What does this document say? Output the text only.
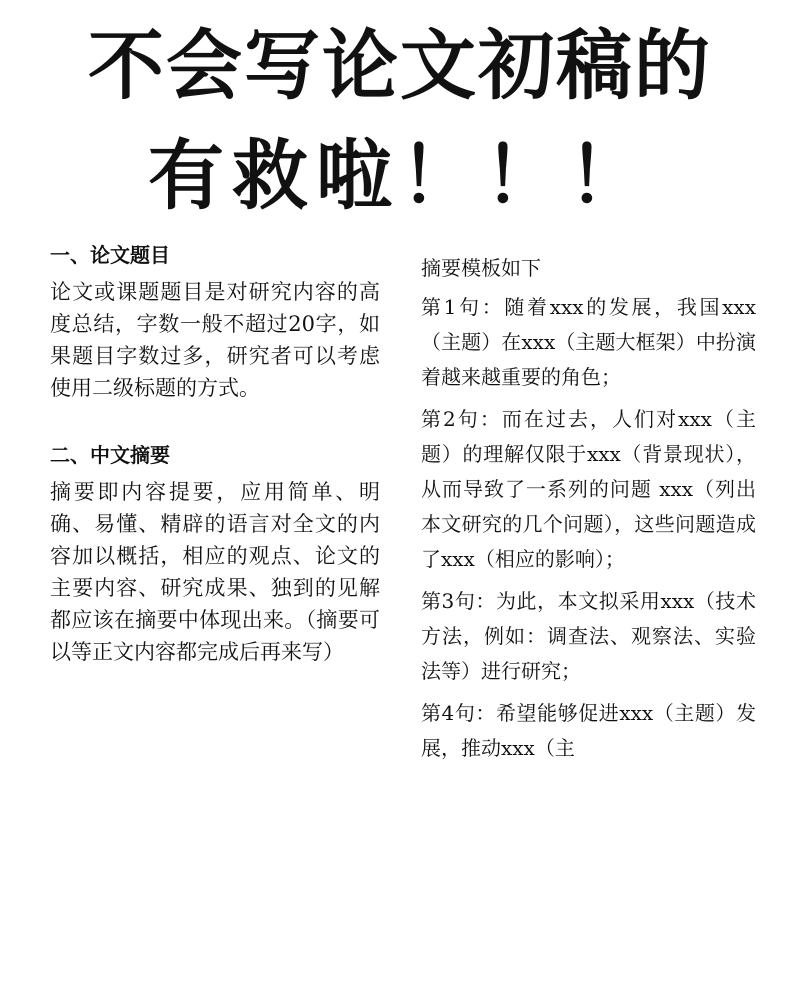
不会写论文初稿的
有救啦！！！
一、论文题目

论文或课题题目是对研究内容的高度总结，字数一般不超过20字，如果题目字数过多，研究者可以考虑使用二级标题的方式。

二、中文摘要

摘要即内容提要，应用简单、明确、易懂、精辟的语言对全文的内容加以概括，相应的观点、论文的主要内容、研究成果、独到的见解都应该在摘要中体现出来。（摘要可以等正文内容都完成后再来写）

摘要模板如下

第1句：随着xxx的发展，我国xxx（主题）在xxx（主题大框架）中扮演着越来越重要的角色；

第2句：而在过去，人们对xxx（主题）的理解仅限于xxx（背景现状），从而导致了一系列的问题 xxx（列出本文研究的几个问题），这些问题造成了xxx（相应的影响）；

第3句：为此，本文拟采用xxx（技术方法，例如：调查法、观察法、实验法等）进行研究；

第4句：希望能够促进xxx（主题）发展，推动xxx（主
